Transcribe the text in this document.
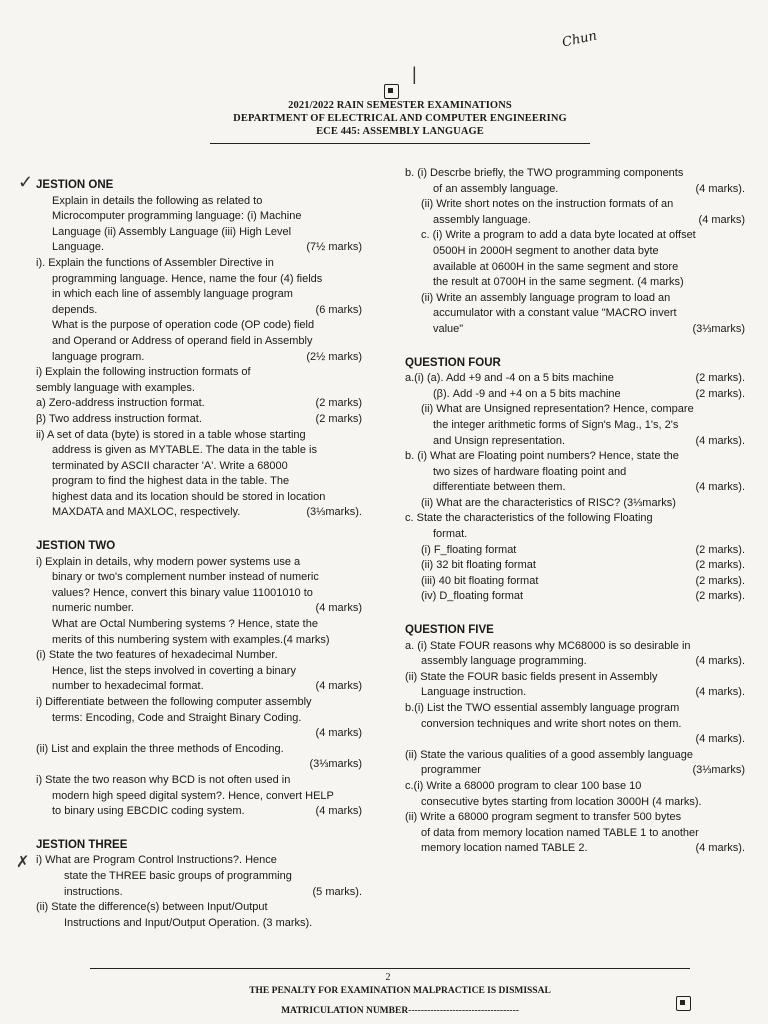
Chun
|
✓
✗
2021/2022 RAIN SEMESTER EXAMINATIONS
DEPARTMENT OF ELECTRICAL AND COMPUTER ENGINEERING
ECE 445: ASSEMBLY LANGUAGE
JESTION ONE
Explain in details the following as related to
Microcomputer programming language: (i) Machine
Language (ii) Assembly Language (iii) High Level
Language.	(7½ marks)
i). Explain the functions of Assembler Directive in
programming language. Hence, name the four (4) fields
in which each line of assembly language program
depends.	(6 marks)
What is the purpose of operation code (OP code) field
and Operand or Address of operand field in Assembly
language program.	(2½ marks)
i) Explain the following instruction formats of
sembly language with examples.
a) Zero-address instruction format.	(2 marks)
β) Two address instruction format.	(2 marks)
ii) A set of data (byte) is stored in a table whose starting
address is given as MYTABLE. The data in the table is
terminated by ASCII character 'A'. Write a 68000
program to find the highest data in the table. The
highest data and its location should be stored in location
MAXDATA and MAXLOC, respectively.	(3⅓marks).
JESTION TWO
i) Explain in details, why modern power systems use a
binary or two's complement number instead of numeric
values? Hence, convert this binary value 11001010 to
numeric number.	(4 marks)
What are Octal Numbering systems ? Hence, state the
merits of this numbering system with examples.(4 marks)
(i) State the two features of hexadecimal Number.
Hence, list the steps involved in coverting a binary
number to hexadecimal format.	(4 marks)
i) Differentiate between the following computer assembly
terms: Encoding, Code and Straight Binary Coding.
(4 marks)
(ii) List and explain the three methods of Encoding.
(3⅓marks)
i) State the two reason why BCD is not often used in
modern high speed digital system?. Hence, convert HELP
to binary using EBCDIC coding system.	(4 marks)
JESTION THREE
i) What are Program Control Instructions?. Hence
state the THREE basic groups of programming
instructions.	(5 marks).
(ii) State the difference(s) between Input/Output
Instructions and Input/Output Operation. (3 marks).
b. (i) Descrbe briefly, the TWO programming components
of an assembly language.	(4 marks).
(ii) Write short notes on the instruction formats of an
assembly language.	(4 marks)
c. (i) Write a program to add a data byte located at offset
0500H in 2000H segment to another data byte
available at 0600H in the same segment and store
the result at 0700H in the same segment. (4 marks)
(ii) Write an assembly language program to load an
accumulator with a constant value "MACRO invert
value"	(3⅓marks)
QUESTION FOUR
a.(i) (a). Add +9 and -4 on a 5 bits machine	(2 marks).
(β). Add -9 and +4 on a 5 bits machine	(2 marks).
(ii) What are Unsigned representation? Hence, compare
the integer arithmetic forms of Sign's Mag., 1's, 2's
and Unsign representation.	(4 marks).
b. (i) What are Floating point numbers? Hence, state the
two sizes of hardware floating point and
differentiate between them.	(4 marks).
(ii) What are the characteristics of RISC? (3⅓marks)
c. State the characteristics of the following Floating
format.
(i) F_floating format	(2 marks).
(ii) 32 bit floating format	(2 marks).
(iii) 40 bit floating format	(2 marks).
(iv) D_floating format	(2 marks).
QUESTION FIVE
a. (i) State FOUR reasons why MC68000 is so desirable in
assembly language programming.	(4 marks).
(ii) State the FOUR basic fields present in Assembly
Language instruction.	(4 marks).
b.(i) List the TWO essential assembly language program
conversion techniques and write short notes on them.
(4 marks).
(ii) State the various qualities of a good assembly language
programmer	(3⅓marks)
c.(i) Write a 68000 program to clear 100 base 10
consecutive bytes starting from location 3000H (4 marks).
(ii) Write a 68000 program segment to transfer 500 bytes
of data from memory location named TABLE 1 to another
memory location named TABLE 2.	(4 marks).
2
THE PENALTY FOR EXAMINATION MALPRACTICE IS DISMISSAL
MATRICULATION NUMBER-----------------------------------
